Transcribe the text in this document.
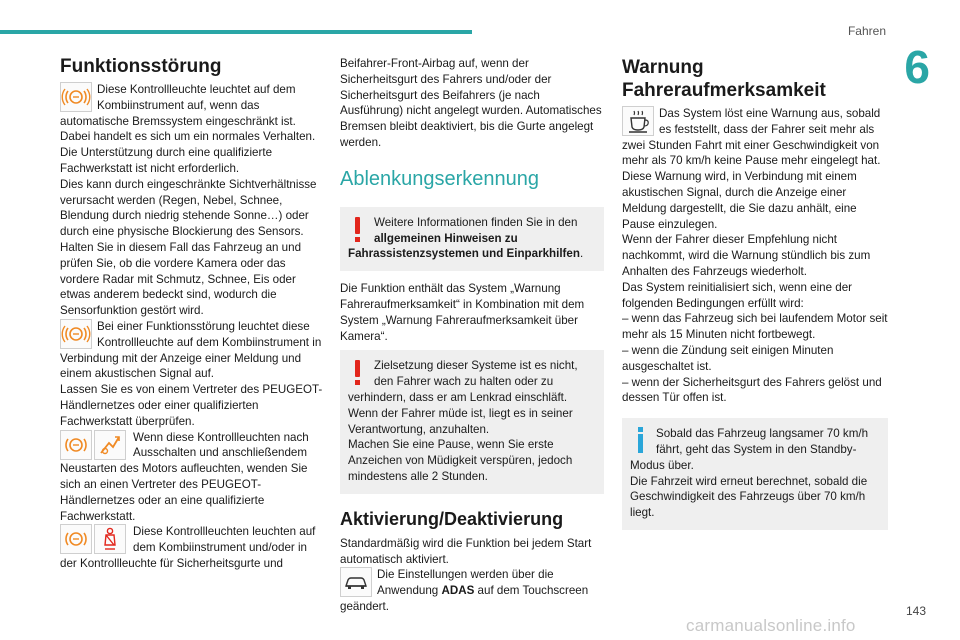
Fahren
6
Funktionsstörung

Diese Kontrollleuchte leuchtet auf dem Kombiinstrument auf, wenn das automatische Bremssystem eingeschränkt ist.

Dabei handelt es sich um ein normales Verhalten.

Die Unterstützung durch eine qualifizierte Fachwerkstatt ist nicht erforderlich.

Dies kann durch eingeschränkte Sichtverhältnisse verursacht werden (Regen, Nebel, Schnee, Blendung durch niedrig stehende Sonne…) oder durch eine physische Blockierung des Sensors.

Halten Sie in diesem Fall das Fahrzeug an und prüfen Sie, ob die vordere Kamera oder das vordere Radar mit Schmutz, Schnee, Eis oder etwas anderem bedeckt sind, wodurch die Sensorfunktion gestört wird.

Bei einer Funktionsstörung leuchtet diese Kontrollleuchte auf dem Kombiinstrument in Verbindung mit der Anzeige einer Meldung und einem akustischen Signal auf.

Lassen Sie es von einem Vertreter des PEUGEOT-Händlernetzes oder einer qualifizierten Fachwerkstatt überprüfen.

Wenn diese Kontrollleuchten nach Ausschalten und anschließendem Neustarten des Motors aufleuchten, wenden Sie sich an einen Vertreter des PEUGEOT-Händlernetzes oder an eine qualifizierte Fachwerkstatt.

Diese Kontrollleuchten leuchten auf dem Kombiinstrument und/oder in der Kontrollleuchte für Sicherheitsgurte und

Beifahrer-Front-Airbag auf, wenn der Sicherheitsgurt des Fahrers und/oder der Sicherheitsgurt des Beifahrers (je nach Ausführung) nicht angelegt wurden. Automatisches Bremsen bleibt deaktiviert, bis die Gurte angelegt werden.

Ablenkungserkennung
Weitere Informationen finden Sie in den allgemeinen Hinweisen zu Fahrassistenzsystemen und Einparkhilfen.

Die Funktion enthält das System „Warnung Fahreraufmerksamkeit“ in Kombination mit dem System „Warnung Fahreraufmerksamkeit über Kamera“.

Zielsetzung dieser Systeme ist es nicht, den Fahrer wach zu halten oder zu verhindern, dass er am Lenkrad einschläft.

Wenn der Fahrer müde ist, liegt es in seiner Verantwortung, anzuhalten.

Machen Sie eine Pause, wenn Sie erste Anzeichen von Müdigkeit verspüren, jedoch mindestens alle 2 Stunden.

Aktivierung/Deaktivierung

Standardmäßig wird die Funktion bei jedem Start automatisch aktiviert.

Die Einstellungen werden über die Anwendung ADAS auf dem Touchscreen geändert.

Warnung Fahreraufmerksamkeit

Das System löst eine Warnung aus, sobald es feststellt, dass der Fahrer seit mehr als zwei Stunden Fahrt mit einer Geschwindigkeit von mehr als 70 km/h keine Pause mehr eingelegt hat.

Diese Warnung wird, in Verbindung mit einem akustischen Signal, durch die Anzeige einer Meldung dargestellt, die Sie dazu anhält, eine Pause einzulegen.

Wenn der Fahrer dieser Empfehlung nicht nachkommt, wird die Warnung stündlich bis zum Anhalten des Fahrzeugs wiederholt.

Das System reinitialisiert sich, wenn eine der folgenden Bedingungen erfüllt wird:

– wenn das Fahrzeug sich bei laufendem Motor seit mehr als 15 Minuten nicht fortbewegt.

– wenn die Zündung seit einigen Minuten ausgeschaltet ist.

– wenn der Sicherheitsgurt des Fahrers gelöst und dessen Tür offen ist.

Sobald das Fahrzeug langsamer 70 km/h fährt, geht das System in den Standby-Modus über.

Die Fahrzeit wird erneut berechnet, sobald die Geschwindigkeit des Fahrzeugs über 70 km/h liegt.

143
carmanualsonline.info
